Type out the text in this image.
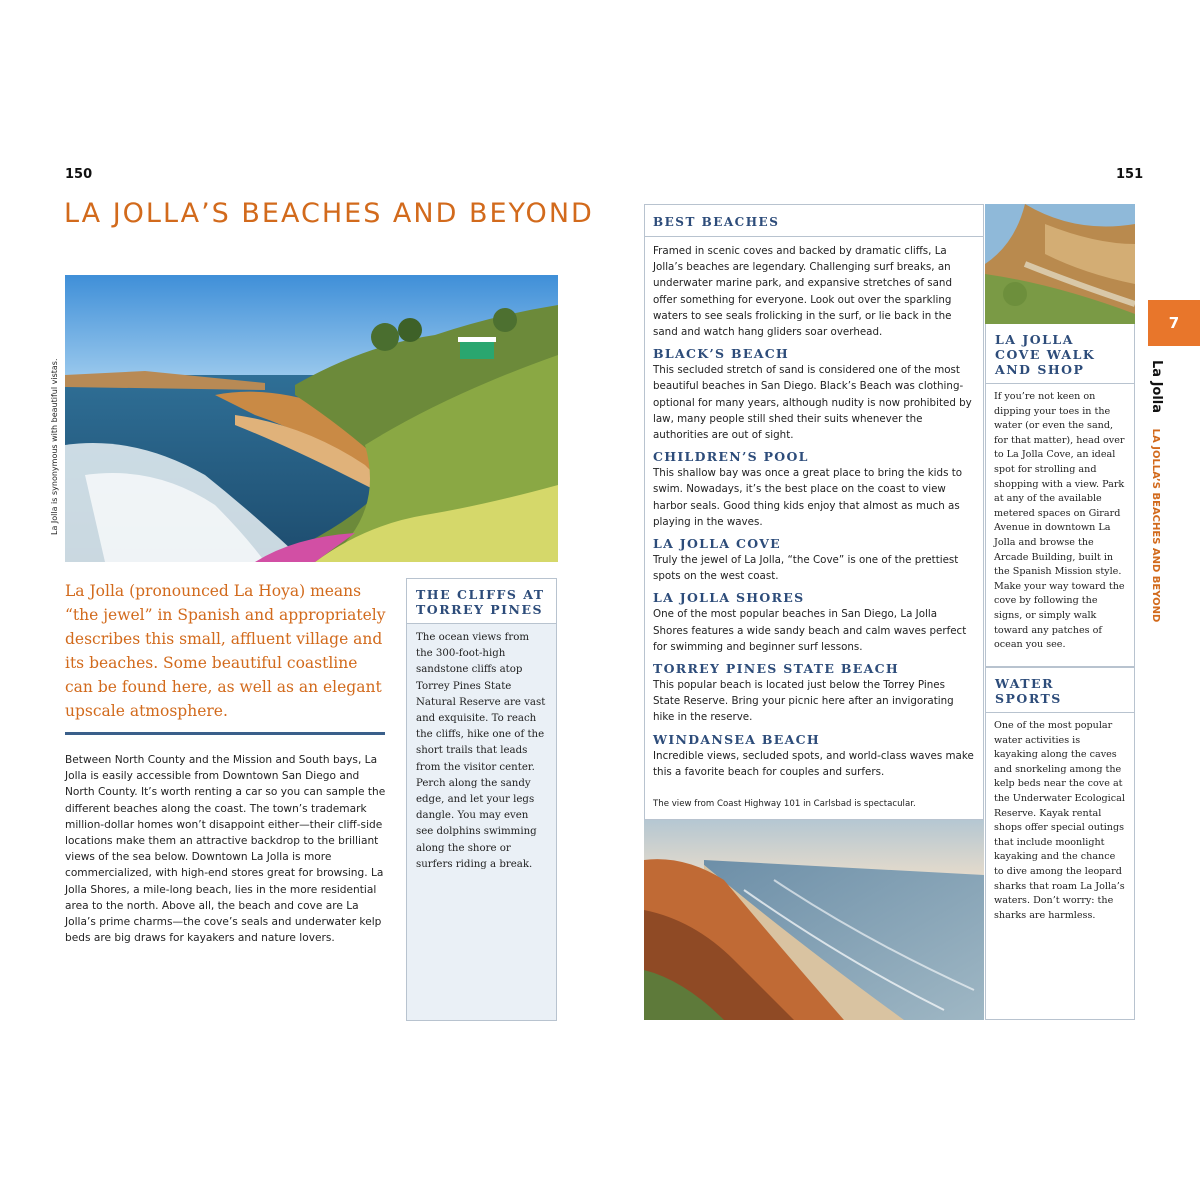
150
LA JOLLA’S BEACHES AND BEYOND
La Jolla is synonymous with beautiful vistas.
La Jolla (pronounced La Hoya) means “the jewel” in Spanish and appropriately describes this small, affluent village and its beaches. Some beautiful coastline can be found here, as well as an elegant upscale atmosphere.
Between North County and the Mission and South bays, La Jolla is easily accessible from Downtown San Diego and North County. It’s worth renting a car so you can sample the different beaches along the coast. The town’s trademark million-dollar homes won’t disappoint either—their cliff-side locations make them an attractive backdrop to the brilliant views of the sea below. Downtown La Jolla is more commercialized, with high-end stores great for browsing. La Jolla Shores, a mile-long beach, lies in the more residential area to the north. Above all, the beach and cove are La Jolla’s prime charms—the cove’s seals and underwater kelp beds are big draws for kayakers and nature lovers.
THE CLIFFS AT TORREY PINES
The ocean views from the 300-foot-high sandstone cliffs atop Torrey Pines State Natural Reserve are vast and exquisite. To reach the cliffs, hike one of the short trails that leads from the visitor center. Perch along the sandy edge, and let your legs dangle. You may even see dolphins swimming along the shore or surfers riding a break.
151
BEST BEACHES
Framed in scenic coves and backed by dramatic cliffs, La Jolla’s beaches are legendary. Challenging surf breaks, an underwater marine park, and expansive stretches of sand offer something for everyone. Look out over the sparkling waters to see seals frolicking in the surf, or lie back in the sand and watch hang gliders soar overhead.
BLACK’S BEACH
This secluded stretch of sand is considered one of the most beautiful beaches in San Diego. Black’s Beach was clothing-optional for many years, although nudity is now prohibited by law, many people still shed their suits whenever the authorities are out of sight.
CHILDREN’S POOL
This shallow bay was once a great place to bring the kids to swim. Nowadays, it’s the best place on the coast to view harbor seals. Good thing kids enjoy that almost as much as playing in the waves.
LA JOLLA COVE
Truly the jewel of La Jolla, “the Cove” is one of the prettiest spots on the west coast.
LA JOLLA SHORES
One of the most popular beaches in San Diego, La Jolla Shores features a wide sandy beach and calm waves perfect for swimming and beginner surf lessons.
TORREY PINES STATE BEACH
This popular beach is located just below the Torrey Pines State Reserve. Bring your picnic here after an invigorating hike in the reserve.
WINDANSEA BEACH
Incredible views, secluded spots, and world-class waves make this a favorite beach for couples and surfers.
The view from Coast Highway 101 in Carlsbad is spectacular.
LA JOLLA COVE WALK AND SHOP
If you’re not keen on dipping your toes in the water (or even the sand, for that matter), head over to La Jolla Cove, an ideal spot for strolling and shopping with a view. Park at any of the available metered spaces on Girard Avenue in downtown La Jolla and browse the Arcade Building, built in the Spanish Mission style. Make your way toward the cove by following the signs, or simply walk toward any patches of ocean you see.
WATER SPORTS
One of the most popular water activities is kayaking along the caves and snorkeling among the kelp beds near the cove at the Underwater Ecological Reserve. Kayak rental shops offer special outings that include moonlight kayaking and the chance to dive among the leopard sharks that roam La Jolla’s waters. Don’t worry: the sharks are harmless.
7
La Jolla LA JOLLA’S BEACHES AND BEYOND
